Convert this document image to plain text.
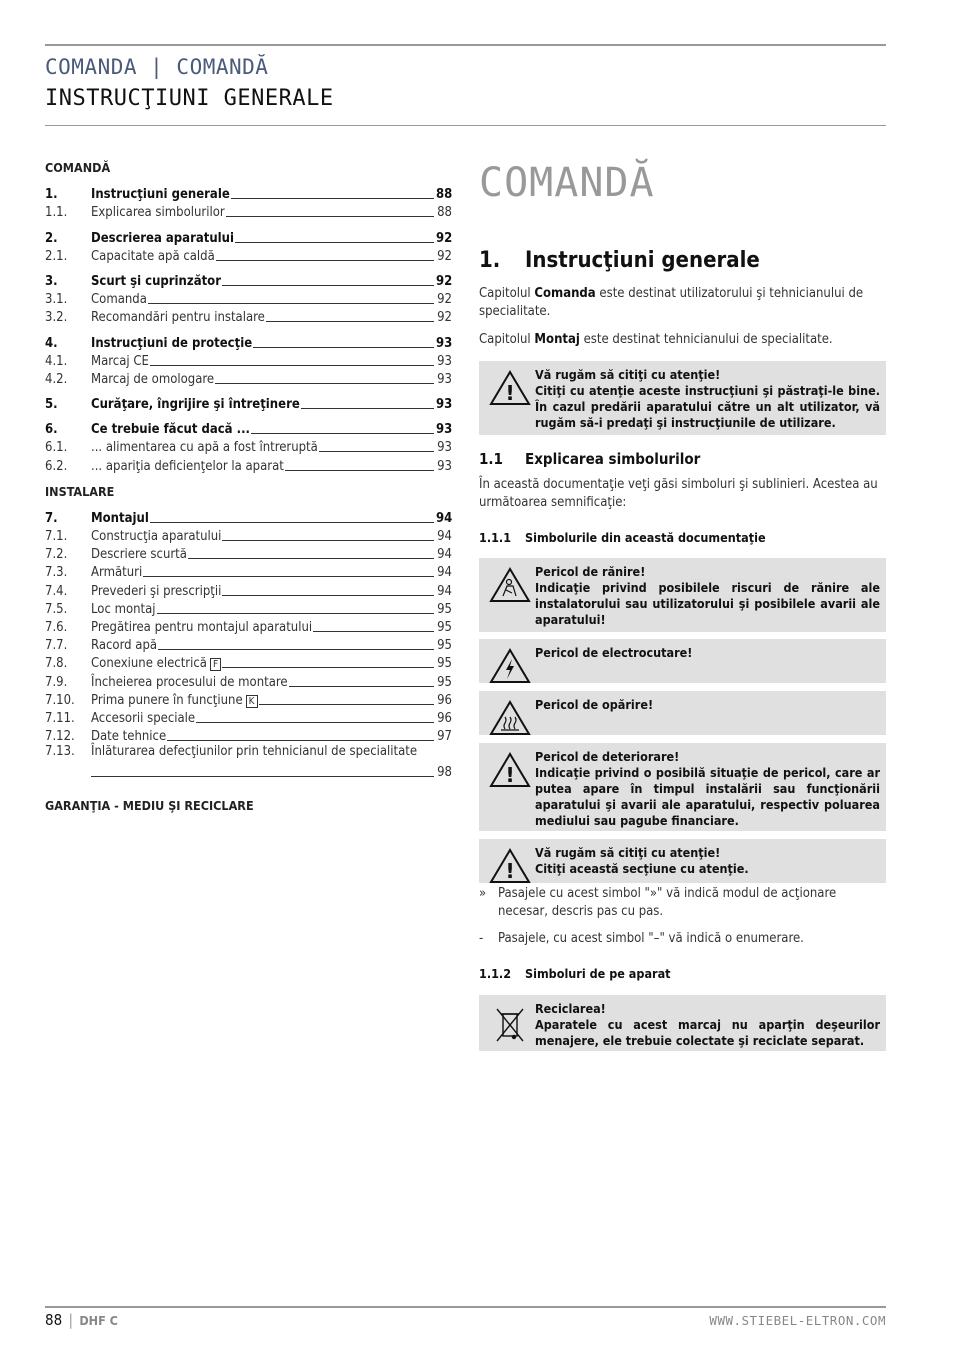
COMANDA | COMANDĂ
INSTRUCŢIUNI GENERALE
COMANDĂ
1.	Instrucţiuni generale	88
1.1.	Explicarea simbolurilor	88
2.	Descrierea aparatului	92
2.1.	Capacitate apă caldă	92
3.	Scurt şi cuprinzător	92
3.1.	Comanda	92
3.2.	Recomandări pentru instalare	92
4.	Instrucţiuni de protecţie	93
4.1.	Marcaj CE	93
4.2.	Marcaj de omologare	93
5.	Curăţare, îngrijire şi întreţinere	93
6.	Ce trebuie făcut dacă ...	93
6.1.	... alimentarea cu apă a fost întreruptă	93
6.2.	... apariţia deficienţelor la aparat	93
INSTALARE
7.	Montajul	94
7.1.	Construcţia aparatului	94
7.2.	Descriere scurtă	94
7.3.	Armături	94
7.4.	Prevederi şi prescripţii	94
7.5.	Loc montaj	95
7.6.	Pregătirea pentru montajul aparatului	95
7.7.	Racord apă	95
7.8.	Conexiune electrică F	95
7.9.	Încheierea procesului de montare	95
7.10.	Prima punere în funcţiune K	96
7.11.	Accesorii speciale	96
7.12.	Date tehnice	97
7.13.	Înlăturarea defecţiunilor prin tehnicianul de specialitate
98
GARANŢIA - MEDIU ŞI RECICLARE
COMANDĂ
1. Instrucţiuni generale
Capitolul Comanda este destinat utilizatorului şi tehnicianului de specialitate.
Capitolul Montaj este destinat tehnicianului de specialitate.
!
Vă rugăm să citiţi cu atenţie!
Citiţi cu atenţie aceste instrucţiuni şi păstraţi-le bine. În cazul predării aparatului către un alt utilizator, vă rugăm să-i predaţi şi instrucţiunile de utilizare.
1.1 Explicarea simbolurilor
În această documentaţie veţi găsi simboluri şi sublinieri. Acestea au următoarea semnificaţie:
1.1.1 Simbolurile din această documentaţie
Pericol de rănire!
Indicaţie privind posibilele riscuri de rănire ale instalatorului sau utilizatorului şi posibilele avarii ale aparatului!
Pericol de electrocutare!
Pericol de opărire!
!
Pericol de deteriorare!
Indicaţie privind o posibilă situaţie de pericol, care ar putea apare în timpul instalării sau funcţionării aparatului şi avarii ale aparatului, respectiv poluarea mediului sau pagube financiare.
!
Vă rugăm să citiţi cu atenţie!
Citiţi această secţiune cu atenţie.
» Pasajele cu acest simbol "»" vă indică modul de acţionare necesar, descris pas cu pas.
-	Pasajele, cu acest simbol "–" vă indică o enumerare.
1.1.2 Simboluri de pe aparat
Reciclarea!
Aparatele cu acest marcaj nu aparţin deşeurilor menajere, ele trebuie colectate şi reciclate separat.
88 | DHF C	WWW.STIEBEL-ELTRON.COM
